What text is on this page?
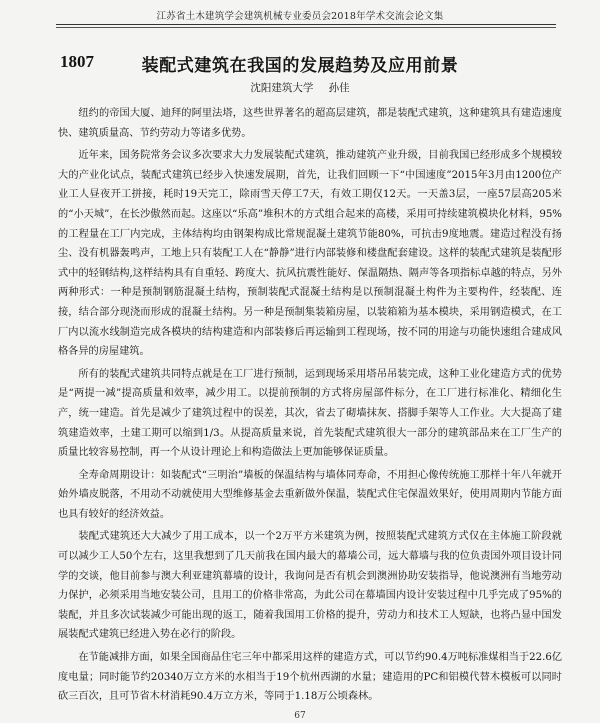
江苏省土木建筑学会建筑机械专业委员会2018年学术交流会论文集
1807	装配式建筑在我国的发展趋势及应用前景
沈阳建筑大学 孙佳

纽约的帝国大厦、迪拜的阿里法塔，这些世界著名的超高层建筑，都是装配式建筑，这种建筑具有建造速度快、建筑质量高、节约劳动力等诸多优势。

近年来，国务院常务会议多次要求大力发展装配式建筑，推动建筑产业升级，目前我国已经形成多个规模较大的产业化试点，装配式建筑已经步入快速发展期，首先，让我们回顾一下“中国速度”2015年3月由1200位产业工人昼夜开工拼接，耗时19天完工，除雨雪天停工7天，有效工期仅12天。一天盖3层，一座57层高205米的“小天城”，在长沙傲然而起。这座以“乐高”堆积木的方式组合起来的高楼，采用可持续建筑模块化材料，95%的工程量在工厂内完成，主体结构均由钢架构成比常规混凝土建筑节能80%，可抗击9度地震。建造过程没有扬尘、没有机器轰鸣声，工地上只有装配工人在“静静”进行内部装修和楼盘配套建设。这样的装配式建筑是装配形式中的轻钢结构,这样结构具有自重轻、跨度大、抗风抗震性能好、保温隔热、隔声等各项指标卓越的特点，另外两种形式：一种是预制钢筋混凝土结构，预制装配式混凝土结构是以预制混凝土构件为主要构件，经装配、连接，结合部分现浇而形成的混凝土结构。另一种是预制集装箱房屋，以装箱箱为基本模块，采用钢造模式，在工厂内以流水线制造完成各模块的结构建造和内部装修后再运输到工程现场，按不同的用途与功能快速组合建成风格各异的房屋建筑。

所有的装配式建筑共同特点就是在工厂进行预制，运到现场采用塔吊吊装完成，这种工业化建造方式的优势是“两提一减”提高质量和效率，减少用工。以提前预制的方式将房屋部件标分，在工厂进行标准化、精细化生产，统一建造。首先是减少了建筑过程中的误差，其次，省去了砌墙抹灰、搭脚手架等人工作业。大大提高了建筑建造效率，土建工期可以缩到1/3。从提高质量来说，首先装配式建筑很大一部分的建筑部品来在工厂生产的质量比较容易控制，再一个从设计理论上和构造做法上更加能够保证质量。

全寿命周期设计：如装配式“三明治”墙板的保温结构与墙体同寿命，不用担心像传统施工那样十年八年就开始外墙皮脱落，不用动不动就使用大型维修基金去重新做外保温，装配式住宅保温效果好，使用周期内节能方面也具有较好的经济效益。

装配式建筑还大大减少了用工成本，以一个2万平方米建筑为例，按照装配式建筑方式仅在主体施工阶段就可以减少工人50个左右，这里我想到了几天前我在国内最大的幕墙公司，远大幕墙与我的位负责国外项目设计同学的交谈，他目前参与澳大利亚建筑幕墙的设计，我询问是否有机会到澳洲协助安装指导，他说澳洲有当地劳动力保护，必须采用当地安装公司，且用工的价格非常高，为此公司在幕墙国内设计安装过程中几乎完成了95%的装配，并且多次试装减少可能出现的返工，随着我国用工价格的提升，劳动力和技术工人短缺，也将凸显中国发展装配式建筑已经进入势在必行的阶段。

在节能减排方面，如果全国商品住宅三年中都采用这样的建造方式，可以节约90.4万吨标准煤相当于22.6亿度电量；同时能节约20340万立方米的水相当于19个杭州西湖的水量；建造用的PC和铝模代替木模板可以同时砍三百次，且可节省木材消耗90.4万立方米，等同于1.18万公顷森林。

67
